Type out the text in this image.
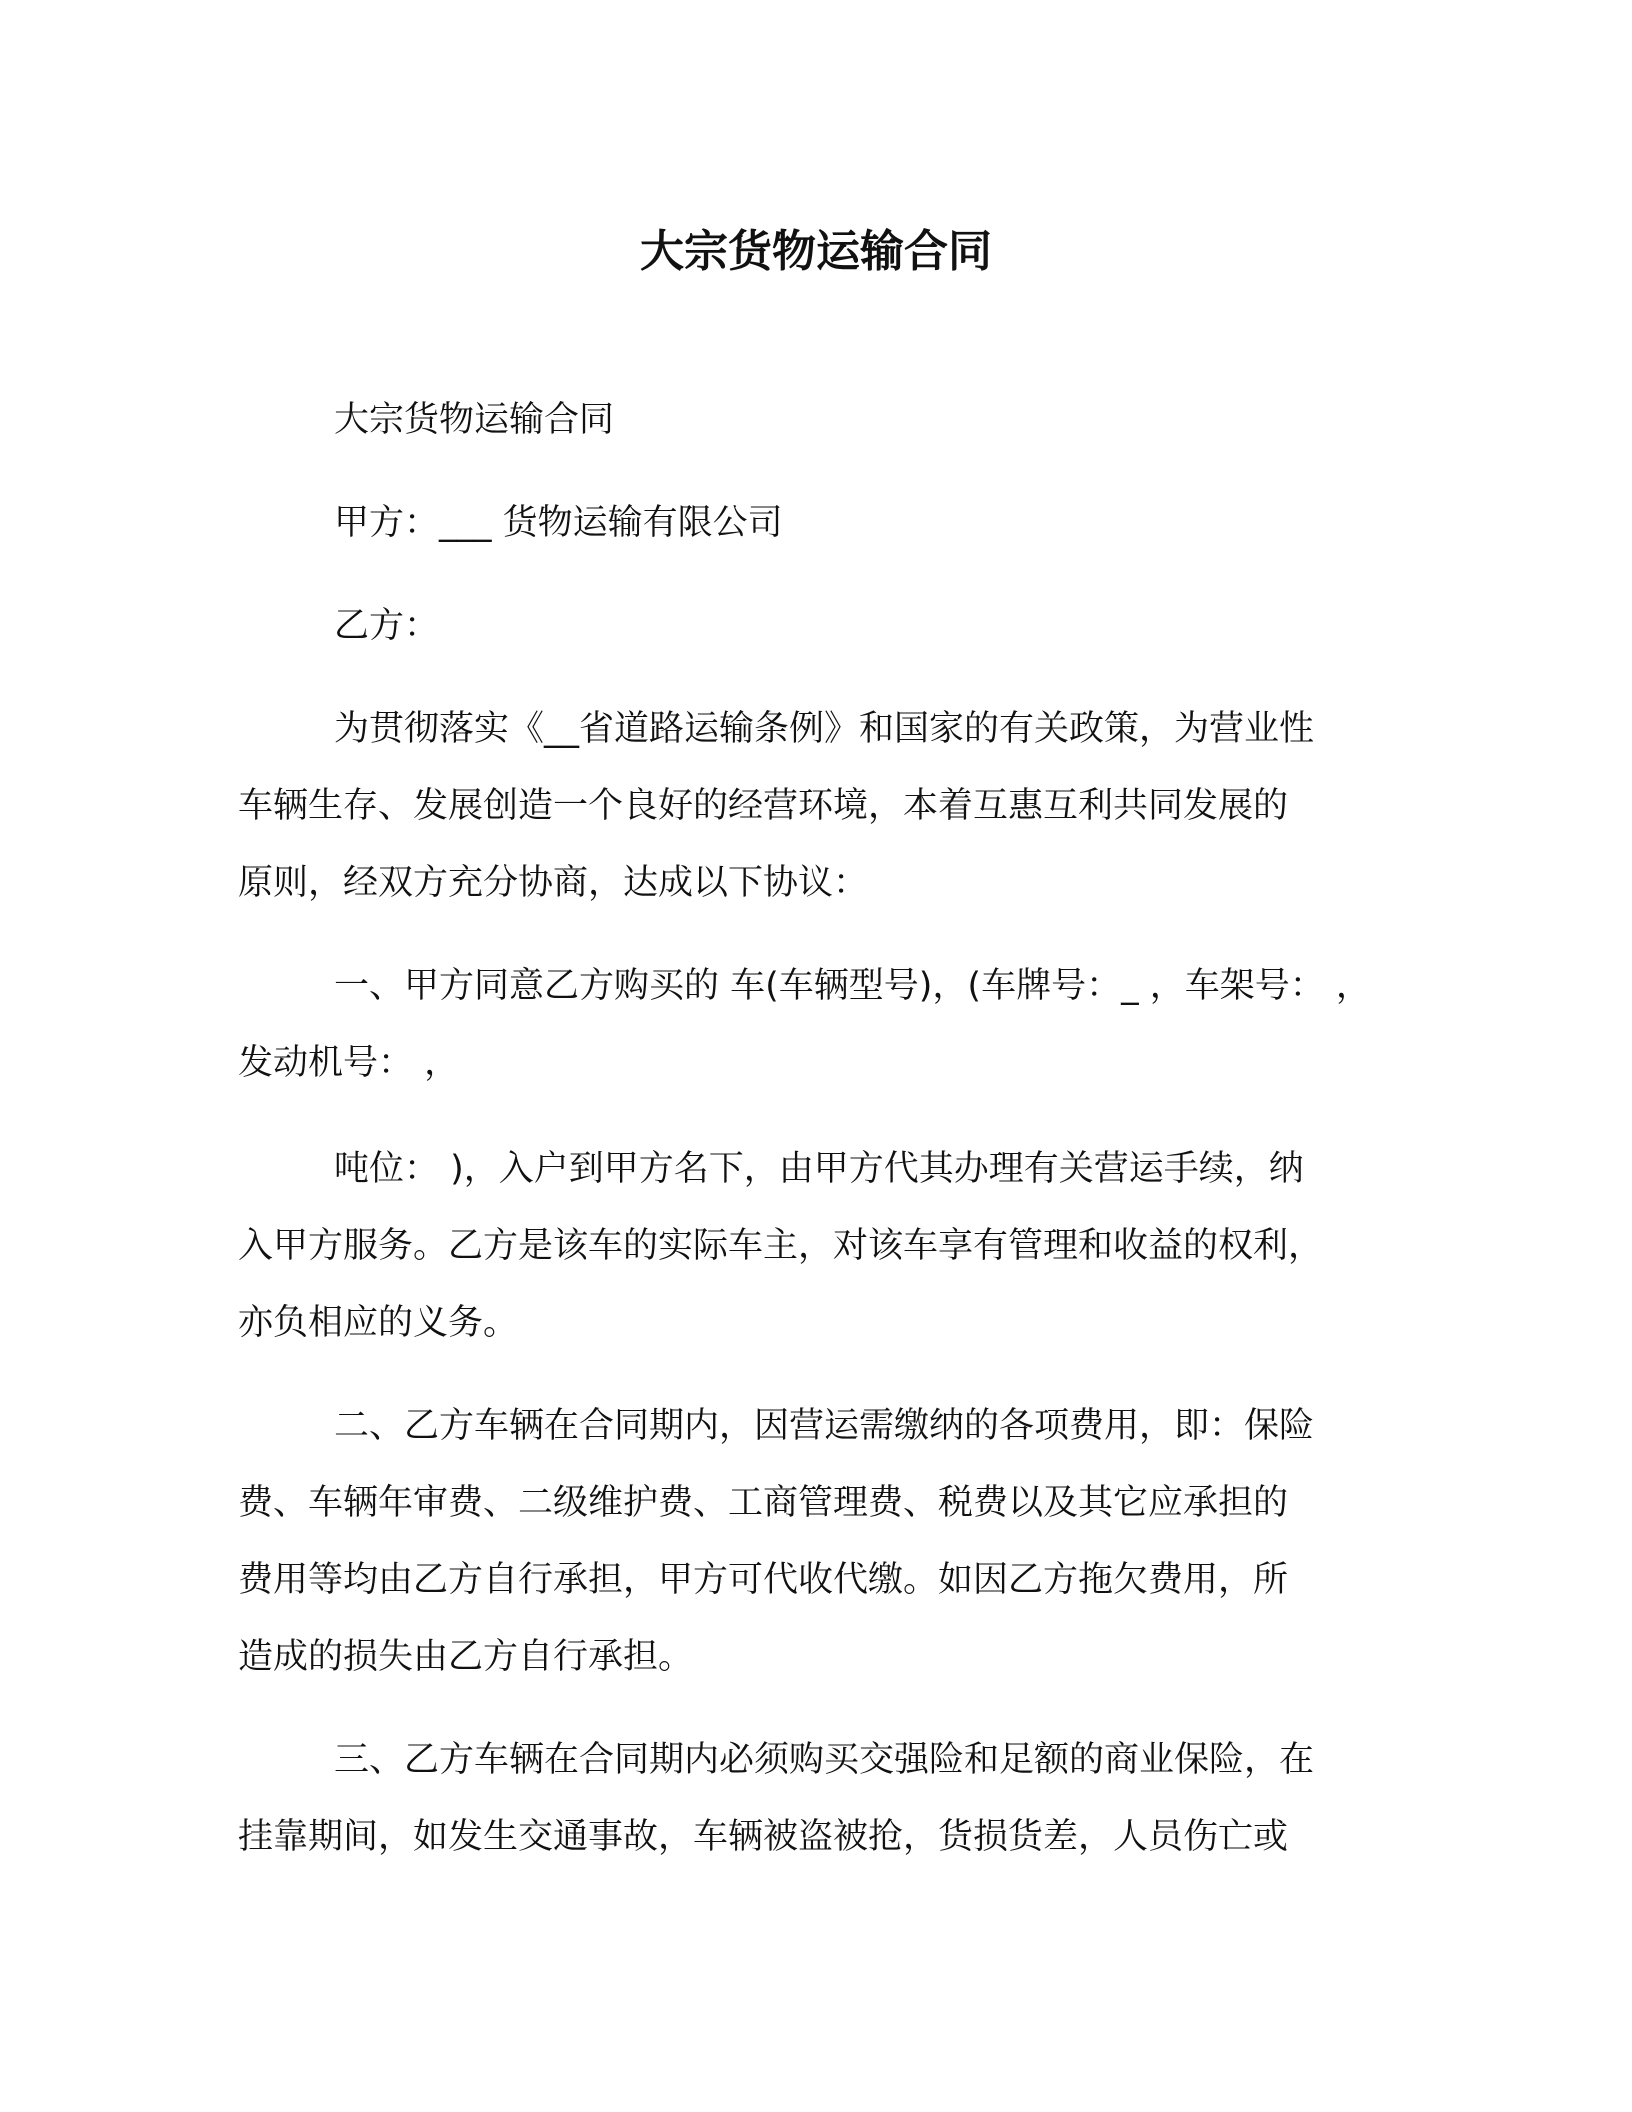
大宗货物运输合同
大宗货物运输合同
甲方：___ 货物运输有限公司
乙方：
为贯彻落实《__省道路运输条例》和国家的有关政策，为营业性
车辆生存、发展创造一个良好的经营环境，本着互惠互利共同发展的
原则，经双方充分协商，达成以下协议：
一、甲方同意乙方购买的 车(车辆型号)，(车牌号：_ ，车架号： ，
发动机号： ，
吨位： )，入户到甲方名下，由甲方代其办理有关营运手续，纳
入甲方服务。乙方是该车的实际车主，对该车享有管理和收益的权利，
亦负相应的义务。
二、乙方车辆在合同期内，因营运需缴纳的各项费用，即：保险
费、车辆年审费、二级维护费、工商管理费、税费以及其它应承担的
费用等均由乙方自行承担，甲方可代收代缴。如因乙方拖欠费用，所
造成的损失由乙方自行承担。
三、乙方车辆在合同期内必须购买交强险和足额的商业保险，在
挂靠期间，如发生交通事故，车辆被盗被抢，货损货差，人员伤亡或
